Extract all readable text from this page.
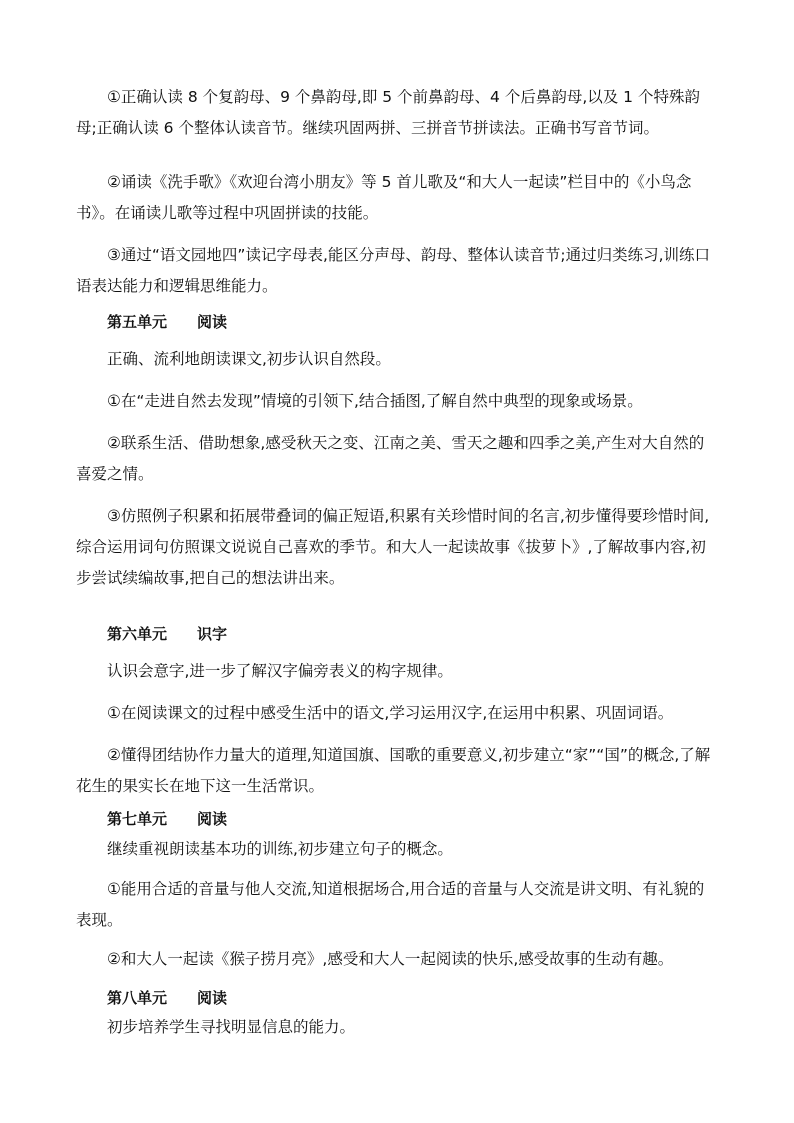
①正确认读 8 个复韵母、9 个鼻韵母,即 5 个前鼻韵母、4 个后鼻韵母,以及 1 个特殊韵母;正确认读 6 个整体认读音节。继续巩固两拼、三拼音节拼读法。正确书写音节词。

②诵读《洗手歌》《欢迎台湾小朋友》等 5 首儿歌及“和大人一起读”栏目中的《小鸟念书》。在诵读儿歌等过程中巩固拼读的技能。

③通过“语文园地四”读记字母表,能区分声母、韵母、整体认读音节;通过归类练习,训练口语表达能力和逻辑思维能力。

第五单元 阅读

正确、流利地朗读课文,初步认识自然段。

①在“走进自然去发现”情境的引领下,结合插图,了解自然中典型的现象或场景。

②联系生活、借助想象,感受秋天之变、江南之美、雪天之趣和四季之美,产生对大自然的喜爱之情。

③仿照例子积累和拓展带叠词的偏正短语,积累有关珍惜时间的名言,初步懂得要珍惜时间,综合运用词句仿照课文说说自己喜欢的季节。和大人一起读故事《拔萝卜》,了解故事内容,初步尝试续编故事,把自己的想法讲出来。

第六单元 识字

认识会意字,进一步了解汉字偏旁表义的构字规律。

①在阅读课文的过程中感受生活中的语文,学习运用汉字,在运用中积累、巩固词语。

②懂得团结协作力量大的道理,知道国旗、国歌的重要意义,初步建立“家”“国”的概念,了解花生的果实长在地下这一生活常识。

第七单元 阅读

继续重视朗读基本功的训练,初步建立句子的概念。

①能用合适的音量与他人交流,知道根据场合,用合适的音量与人交流是讲文明、有礼貌的表现。

②和大人一起读《猴子捞月亮》,感受和大人一起阅读的快乐,感受故事的生动有趣。

第八单元 阅读

初步培养学生寻找明显信息的能力。
